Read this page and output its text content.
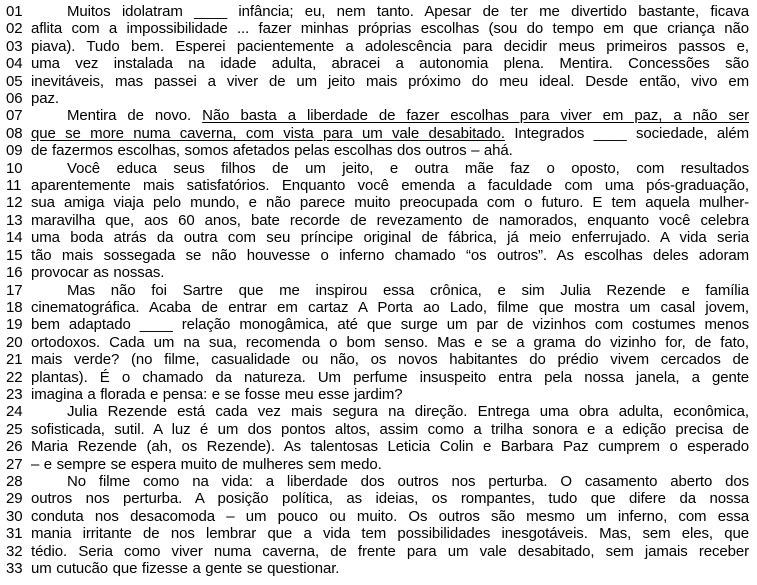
01	Muitos idolatram ____ infância; eu, nem tanto. Apesar de ter me divertido bastante, ficava
02 aflita com a impossibilidade ... fazer minhas próprias escolhas (sou do tempo em que criança não
03 piava). Tudo bem. Esperei pacientemente a adolescência para decidir meus primeiros passos e,
04 uma vez instalada na idade adulta, abracei a autonomia plena. Mentira. Concessões são
05 inevitáveis, mas passei a viver de um jeito mais próximo do meu ideal. Desde então, vivo em
06 paz.
07	Mentira de novo. Não basta a liberdade de fazer escolhas para viver em paz, a não ser
08 que se more numa caverna, com vista para um vale desabitado. Integrados ____ sociedade, além
09 de fazermos escolhas, somos afetados pelas escolhas dos outros – ahá.
10	Você educa seus filhos de um jeito, e outra mãe faz o oposto, com resultados
11 aparentemente mais satisfatórios. Enquanto você emenda a faculdade com uma pós-graduação,
12 sua amiga viaja pelo mundo, e não parece muito preocupada com o futuro. E tem aquela mulher-
13 maravilha que, aos 60 anos, bate recorde de revezamento de namorados, enquanto você celebra
14 uma boda atrás da outra com seu príncipe original de fábrica, já meio enferrujado. A vida seria
15 tão mais sossegada se não houvesse o inferno chamado “os outros”. As escolhas deles adoram
16 provocar as nossas.
17	Mas não foi Sartre que me inspirou essa crônica, e sim Julia Rezende e família
18 cinematográfica. Acaba de entrar em cartaz A Porta ao Lado, filme que mostra um casal jovem,
19 bem adaptado ____ relação monogâmica, até que surge um par de vizinhos com costumes menos
20 ortodoxos. Cada um na sua, recomenda o bom senso. Mas e se a grama do vizinho for, de fato,
21 mais verde? (no filme, casualidade ou não, os novos habitantes do prédio vivem cercados de
22 plantas). É o chamado da natureza. Um perfume insuspeito entra pela nossa janela, a gente
23 imagina a florada e pensa: e se fosse meu esse jardim?
24	Julia Rezende está cada vez mais segura na direção. Entrega uma obra adulta, econômica,
25 sofisticada, sutil. A luz é um dos pontos altos, assim como a trilha sonora e a edição precisa de
26 Maria Rezende (ah, os Rezende). As talentosas Leticia Colin e Barbara Paz cumprem o esperado
27 – e sempre se espera muito de mulheres sem medo.
28	No filme como na vida: a liberdade dos outros nos perturba. O casamento aberto dos
29 outros nos perturba. A posição política, as ideias, os rompantes, tudo que difere da nossa
30 conduta nos desacomoda – um pouco ou muito. Os outros são mesmo um inferno, com essa
31 mania irritante de nos lembrar que a vida tem possibilidades inesgotáveis. Mas, sem eles, que
32 tédio. Seria como viver numa caverna, de frente para um vale desabitado, sem jamais receber
33 um cutucão que fizesse a gente se questionar.
